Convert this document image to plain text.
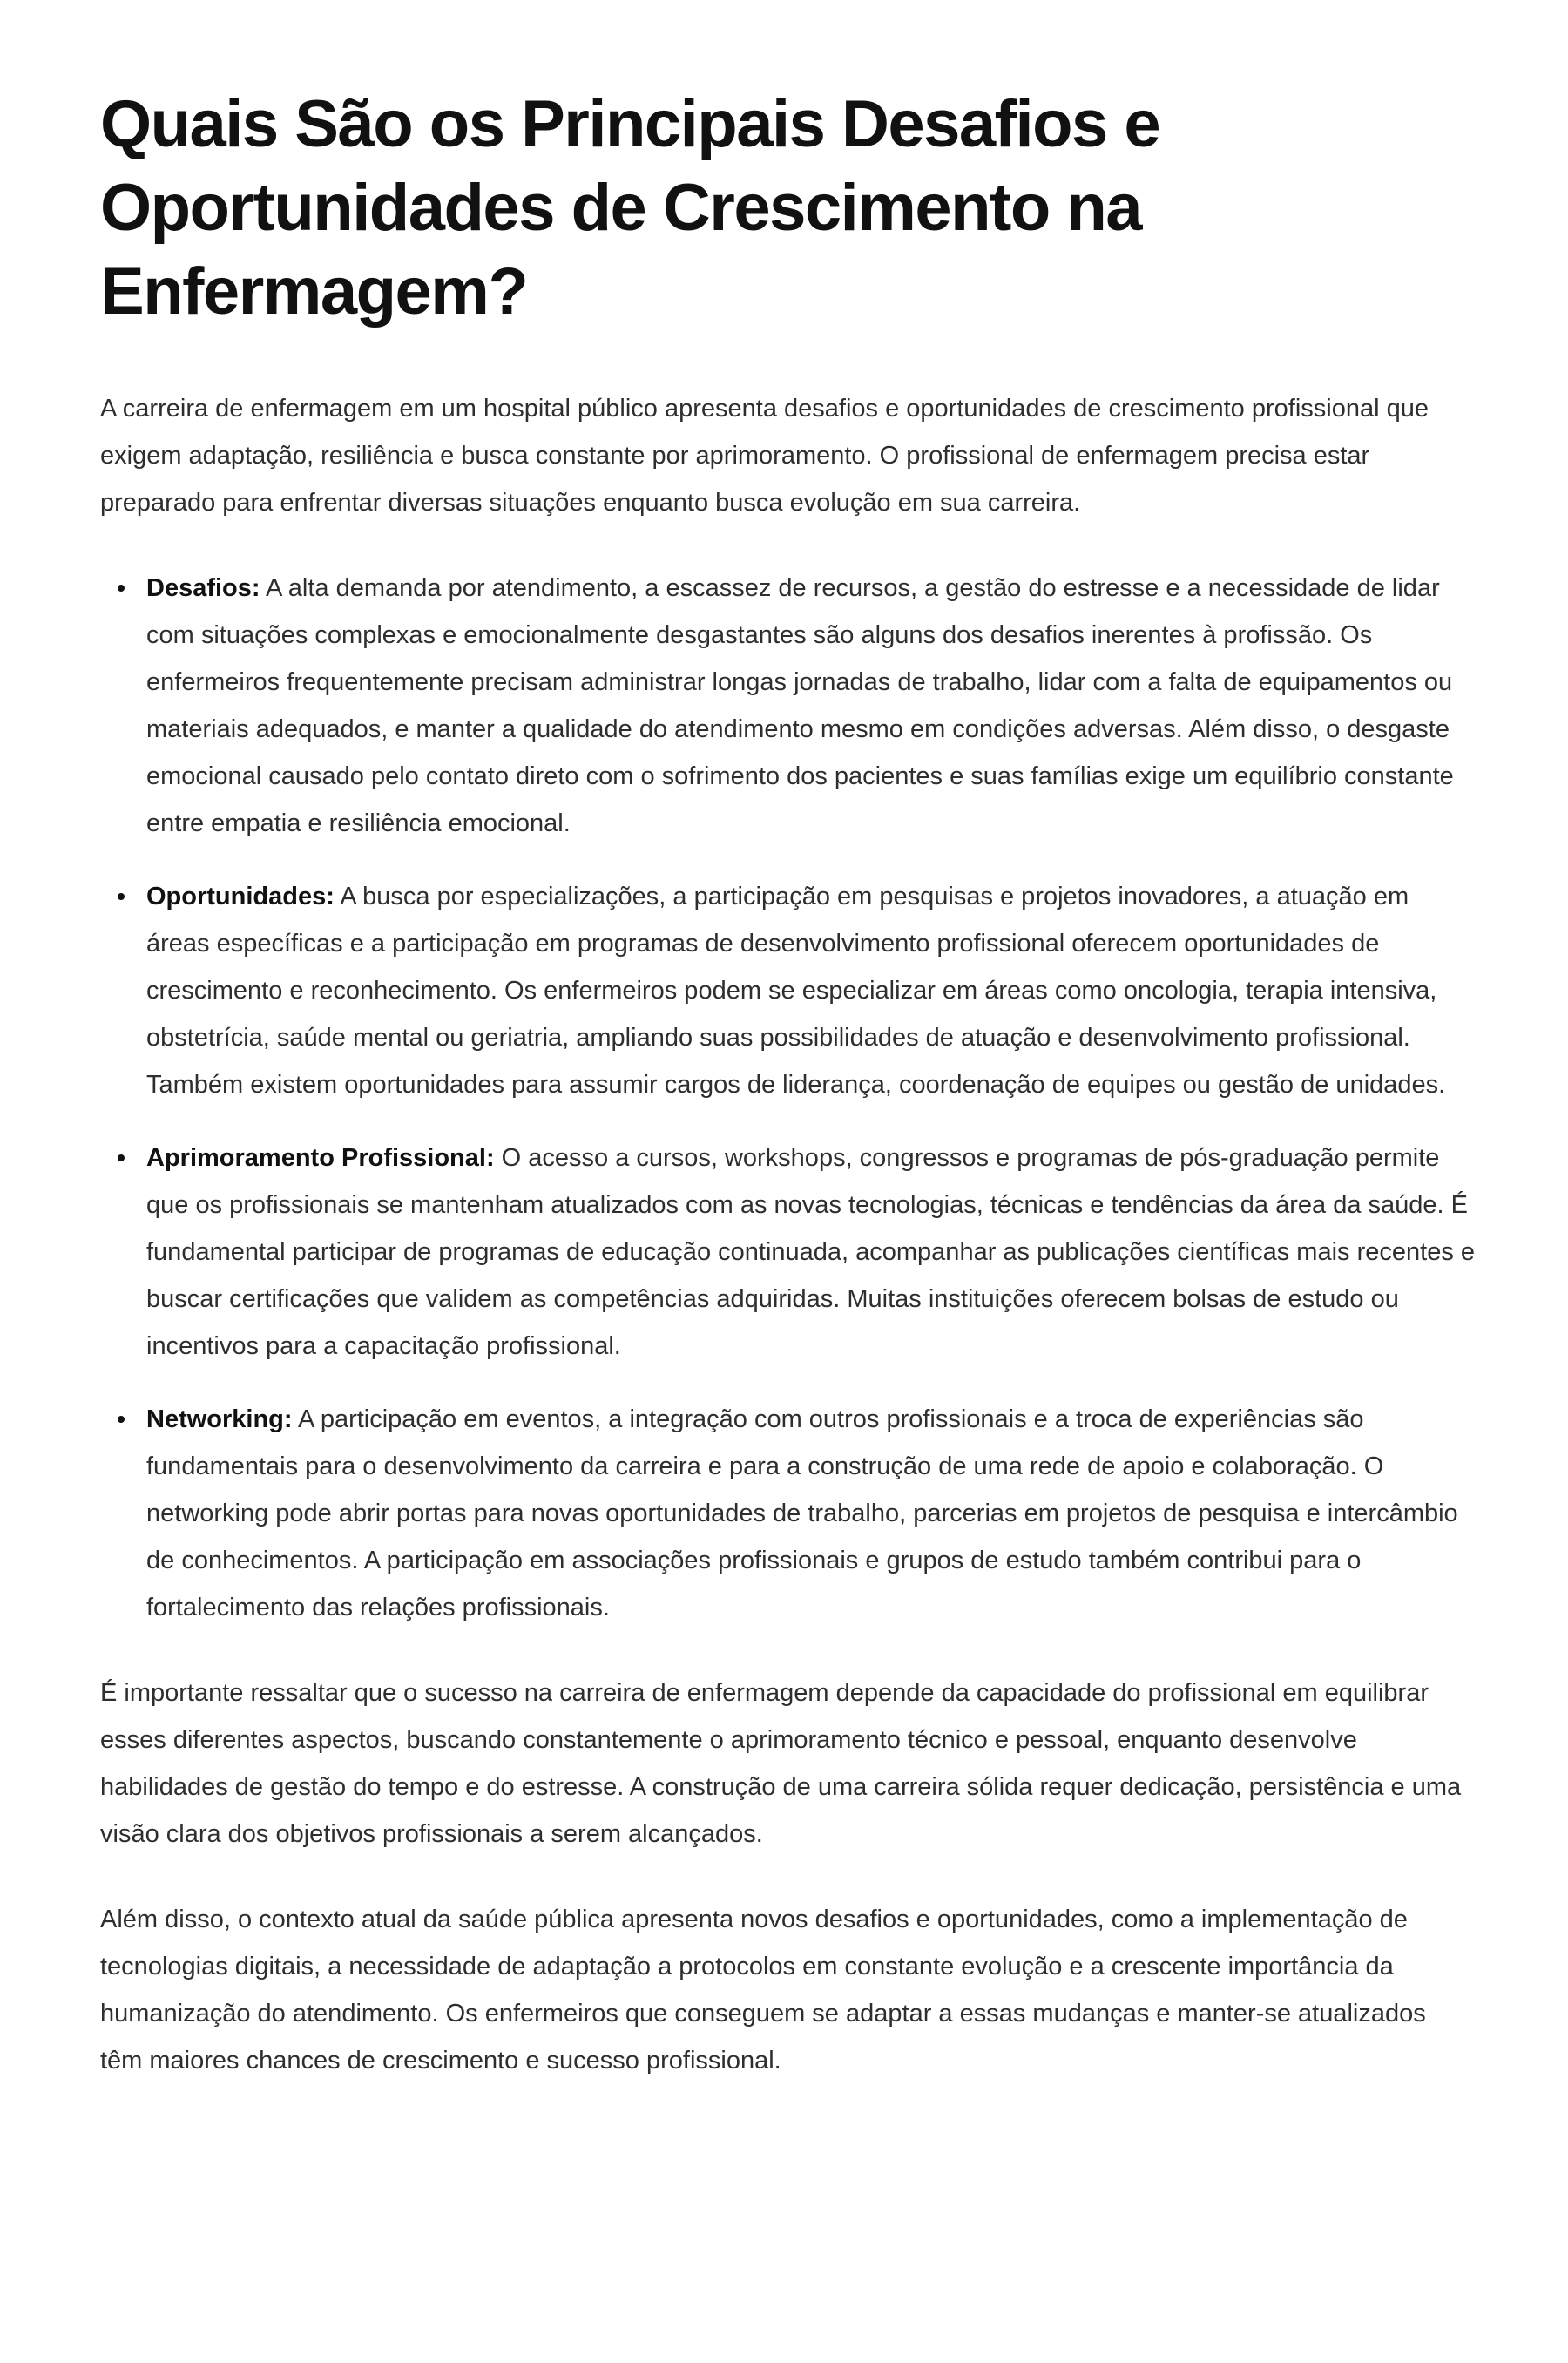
Quais São os Principais Desafios e Oportunidades de Crescimento na Enfermagem?

A carreira de enfermagem em um hospital público apresenta desafios e oportunidades de crescimento profissional que exigem adaptação, resiliência e busca constante por aprimoramento. O profissional de enfermagem precisa estar preparado para enfrentar diversas situações enquanto busca evolução em sua carreira.

Desafios: A alta demanda por atendimento, a escassez de recursos, a gestão do estresse e a necessidade de lidar com situações complexas e emocionalmente desgastantes são alguns dos desafios inerentes à profissão. Os enfermeiros frequentemente precisam administrar longas jornadas de trabalho, lidar com a falta de equipamentos ou materiais adequados, e manter a qualidade do atendimento mesmo em condições adversas. Além disso, o desgaste emocional causado pelo contato direto com o sofrimento dos pacientes e suas famílias exige um equilíbrio constante entre empatia e resiliência emocional.
Oportunidades: A busca por especializações, a participação em pesquisas e projetos inovadores, a atuação em áreas específicas e a participação em programas de desenvolvimento profissional oferecem oportunidades de crescimento e reconhecimento. Os enfermeiros podem se especializar em áreas como oncologia, terapia intensiva, obstetrícia, saúde mental ou geriatria, ampliando suas possibilidades de atuação e desenvolvimento profissional. Também existem oportunidades para assumir cargos de liderança, coordenação de equipes ou gestão de unidades.
Aprimoramento Profissional: O acesso a cursos, workshops, congressos e programas de pós-graduação permite que os profissionais se mantenham atualizados com as novas tecnologias, técnicas e tendências da área da saúde. É fundamental participar de programas de educação continuada, acompanhar as publicações científicas mais recentes e buscar certificações que validem as competências adquiridas. Muitas instituições oferecem bolsas de estudo ou incentivos para a capacitação profissional.
Networking: A participação em eventos, a integração com outros profissionais e a troca de experiências são fundamentais para o desenvolvimento da carreira e para a construção de uma rede de apoio e colaboração. O networking pode abrir portas para novas oportunidades de trabalho, parcerias em projetos de pesquisa e intercâmbio de conhecimentos. A participação em associações profissionais e grupos de estudo também contribui para o fortalecimento das relações profissionais.

É importante ressaltar que o sucesso na carreira de enfermagem depende da capacidade do profissional em equilibrar esses diferentes aspectos, buscando constantemente o aprimoramento técnico e pessoal, enquanto desenvolve habilidades de gestão do tempo e do estresse. A construção de uma carreira sólida requer dedicação, persistência e uma visão clara dos objetivos profissionais a serem alcançados.

Além disso, o contexto atual da saúde pública apresenta novos desafios e oportunidades, como a implementação de tecnologias digitais, a necessidade de adaptação a protocolos em constante evolução e a crescente importância da humanização do atendimento. Os enfermeiros que conseguem se adaptar a essas mudanças e manter-se atualizados têm maiores chances de crescimento e sucesso profissional.
